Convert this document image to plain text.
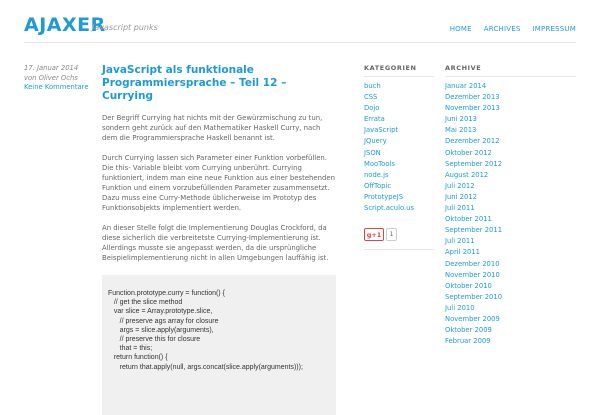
AJAXER
Javascript punks	HOME ARCHIVES IMPRESSUM
17. Januar 2014
von Oliver Ochs
Keine Kommentare
JavaScript als funktionale Programmiersprache – Teil 12 – Currying

Der Begriff Currying hat nichts mit der Gewürzmischung zu tun, sondern geht zurück auf den Mathematiker Haskell Curry, nach dem die Programmiersprache Haskell benannt ist.

Durch Currying lassen sich Parameter einer Funktion vorbefüllen. Die this- Variable bleibt vom Currying unberührt. Currying funktioniert, indem man eine neue Funktion aus einer bestehenden Funktion und einem vorzubefüllenden Parameter zusammensetzt. Dazu muss eine Curry-Methode üblicherweise im Prototyp des Funktionsobjekts implementiert werden.

An dieser Stelle folgt die Implementierung Douglas Crockford, da diese sicherlich die verbreitetste Currying-Implementierung ist. Allerdings musste sie angepasst werden, da die ursprüngliche Beispielimplementierung nicht in allen Umgebungen lauffähig ist.

Function.prototype.curry = function() {
// get the slice method
var slice = Array.prototype.slice,
// preserve ags array for closure
args = slice.apply(arguments),
// preserve this for closure
that = this;
return function() {
return that.apply(null, args.concat(slice.apply(arguments)));
KATEGORIEN
buch
CSS
Dojo
Errata
JavaScript
JQuery
JSON
MooTools
node.js
OffTopic
PrototypeJS
Script.aculo.us
g+1	1
ARCHIVE
Januar 2014
Dezember 2013
November 2013
Juni 2013
Mai 2013
Dezember 2012
Oktober 2012
September 2012
August 2012
Juli 2012
Juni 2012
Juli 2011
Oktober 2011
September 2011
Juli 2011
April 2011
Dezember 2010
November 2010
Oktober 2010
September 2010
Juli 2010
November 2009
Oktober 2009
Februar 2009
